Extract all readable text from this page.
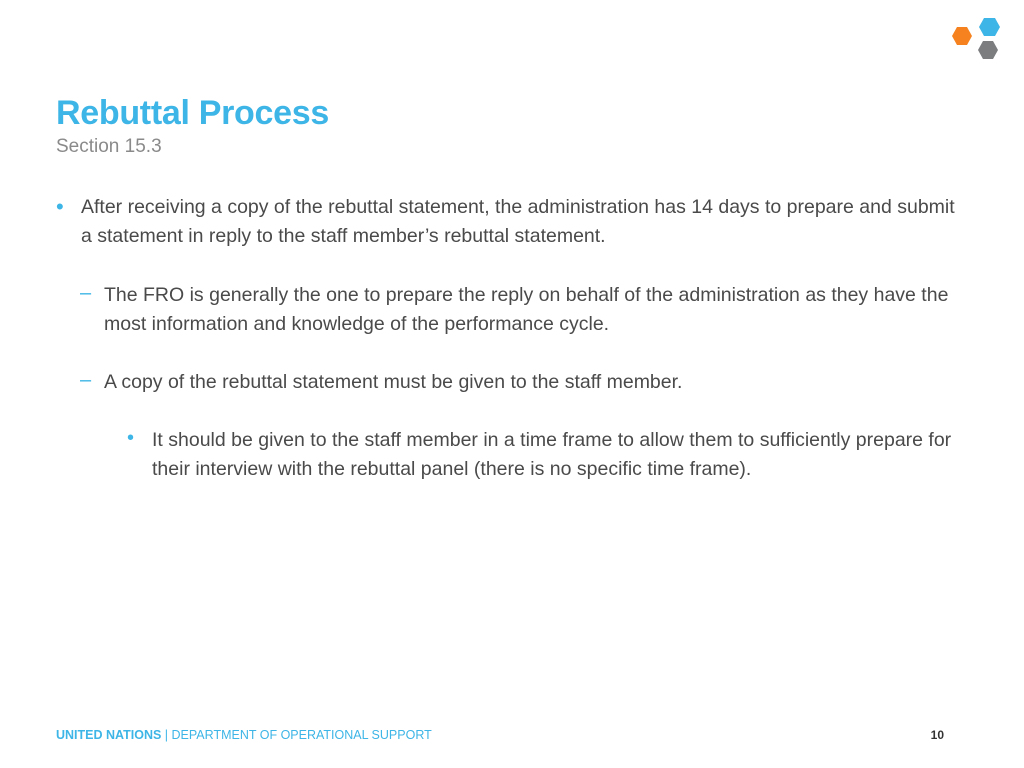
Rebuttal Process

Section 15.3

• After receiving a copy of the rebuttal statement, the administration has 14 days to prepare and submit a statement in reply to the staff member’s rebuttal statement.
– The FRO is generally the one to prepare the reply on behalf of the administration as they have the most information and knowledge of the performance cycle.
– A copy of the rebuttal statement must be given to the staff member.
• It should be given to the staff member in a time frame to allow them to sufficiently prepare for their interview with the rebuttal panel (there is no specific time frame).
UNITED NATIONS | DEPARTMENT OF OPERATIONAL SUPPORT	10
